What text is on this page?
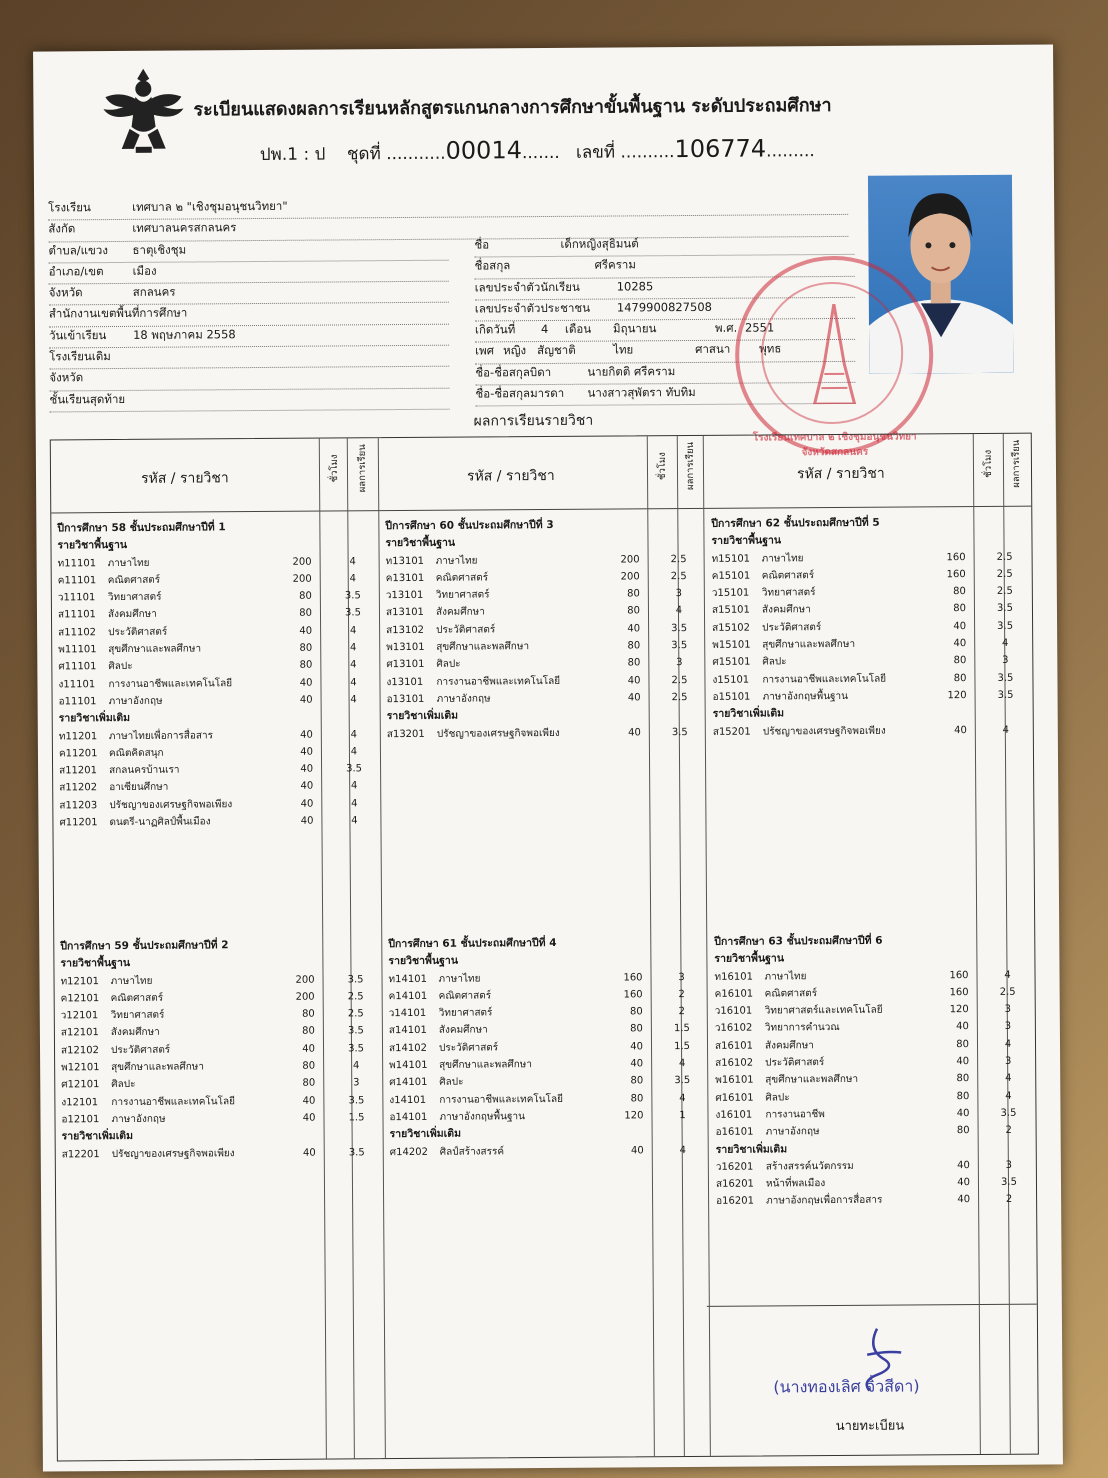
ระเบียนแสดงผลการเรียนหลักสูตรแกนกลางการศึกษาขั้นพื้นฐาน ระดับประถมศึกษา
ปพ.1 : ป ชุดที่ ...........00014.......   เลขที่ ..........106774.........
โรงเรียน	เทศบาล ๒ "เชิงชุมอนุชนวิทยา"
สังกัด	เทศบาลนครสกลนคร
ตำบล/แขวง ธาตุเชิงชุม
อำเภอ/เขต	เมือง
จังหวัด	สกลนคร
สำนักงานเขตพื้นที่การศึกษา
วันเข้าเรียน 18 พฤษภาคม 2558
โรงเรียนเดิม
จังหวัด
ชั้นเรียนสุดท้าย
ชื่อ	เด็กหญิงสุธิมนต์
ชื่อสกุล	ศรีคราม
เลขประจำตัวนักเรียน	10285
เลขประจำตัวประชาชน 1479900827508
เกิดวันที่ 4 เดือน มิถุนายน	พ.ศ. 2551
เพศ หญิง สัญชาติ	ไทย	ศาสนา	พุทธ
ชื่อ-ชื่อสกุลบิดา	นายกิตติ ศรีคราม
ชื่อ-ชื่อสกุลมารดา นางสาวสุพัตรา ทับทิม
โรงเรียนเทศบาล ๒ เชิงชุมอนุชนวิทยา จังหวัดสกลนคร
ผลการเรียนรายวิชา
รหัส / รายวิชา	ชั่วโมง ผลการเรียน	รหัส / รายวิชา	ชั่วโมง ผลการเรียน	รหัส / รายวิชา	ชั่วโมง ผลการเรียน
ปีการศึกษา 58 ชั้นประถมศึกษาปีที่ 1
รายวิชาพื้นฐาน
ท11101 ภาษาไทย	200	4
ค11101 คณิตศาสตร์	200	4
ว11101 วิทยาศาสตร์	80	3.5
ส11101 สังคมศึกษา	80	3.5
ส11102 ประวัติศาสตร์	40	4
พ11101 สุขศึกษาและพลศึกษา	80	4
ศ11101 ศิลปะ	80	4
ง11101 การงานอาชีพและเทคโนโลยี	40	4
อ11101 ภาษาอังกฤษ	40	4
รายวิชาเพิ่มเติม
ท11201 ภาษาไทยเพื่อการสื่อสาร	40	4
ค11201 คณิตคิดสนุก	40	4
ส11201 สกลนครบ้านเรา	40	3.5
ส11202 อาเซียนศึกษา	40	4
ส11203 ปรัชญาของเศรษฐกิจพอเพียง	40	4
ศ11201 ดนตรี-นาฏศิลป์พื้นเมือง	40	4
ปีการศึกษา 60 ชั้นประถมศึกษาปีที่ 3
รายวิชาพื้นฐาน
ท13101 ภาษาไทย	200	2.5
ค13101 คณิตศาสตร์	200	2.5
ว13101 วิทยาศาสตร์	80	3
ส13101 สังคมศึกษา	80	4
ส13102 ประวัติศาสตร์	40	3.5
พ13101 สุขศึกษาและพลศึกษา	80	3.5
ศ13101 ศิลปะ	80	3
ง13101 การงานอาชีพและเทคโนโลยี	40	2.5
อ13101 ภาษาอังกฤษ	40	2.5
รายวิชาเพิ่มเติม
ส13201 ปรัชญาของเศรษฐกิจพอเพียง	40	3.5
ปีการศึกษา 62 ชั้นประถมศึกษาปีที่ 5
รายวิชาพื้นฐาน
ท15101 ภาษาไทย	160	2.5
ค15101 คณิตศาสตร์	160	2.5
ว15101 วิทยาศาสตร์	80	2.5
ส15101 สังคมศึกษา	80	3.5
ส15102 ประวัติศาสตร์	40	3.5
พ15101 สุขศึกษาและพลศึกษา	40	4
ศ15101 ศิลปะ	80	3
ง15101 การงานอาชีพและเทคโนโลยี	80	3.5
อ15101 ภาษาอังกฤษพื้นฐาน	120	3.5
รายวิชาเพิ่มเติม
ส15201 ปรัชญาของเศรษฐกิจพอเพียง	40	4
ปีการศึกษา 59 ชั้นประถมศึกษาปีที่ 2
รายวิชาพื้นฐาน
ท12101 ภาษาไทย	200	3.5
ค12101 คณิตศาสตร์	200	2.5
ว12101 วิทยาศาสตร์	80	2.5
ส12101 สังคมศึกษา	80	3.5
ส12102 ประวัติศาสตร์	40	3.5
พ12101 สุขศึกษาและพลศึกษา	80	4
ศ12101 ศิลปะ	80	3
ง12101 การงานอาชีพและเทคโนโลยี	40	3.5
อ12101 ภาษาอังกฤษ	40	1.5
รายวิชาเพิ่มเติม
ส12201 ปรัชญาของเศรษฐกิจพอเพียง	40	3.5
ปีการศึกษา 61 ชั้นประถมศึกษาปีที่ 4
รายวิชาพื้นฐาน
ท14101 ภาษาไทย	160	3
ค14101 คณิตศาสตร์	160	2
ว14101 วิทยาศาสตร์	80	2
ส14101 สังคมศึกษา	80	1.5
ส14102 ประวัติศาสตร์	40	1.5
พ14101 สุขศึกษาและพลศึกษา	40	4
ศ14101 ศิลปะ	80	3.5
ง14101 การงานอาชีพและเทคโนโลยี	80	4
อ14101 ภาษาอังกฤษพื้นฐาน	120	1
รายวิชาเพิ่มเติม
ศ14202 ศิลป์สร้างสรรค์	40	4
ปีการศึกษา 63 ชั้นประถมศึกษาปีที่ 6
รายวิชาพื้นฐาน
ท16101 ภาษาไทย	160	4
ค16101 คณิตศาสตร์	160	2.5
ว16101 วิทยาศาสตร์และเทคโนโลยี	120	3
ว16102 วิทยาการคำนวณ	40	3
ส16101 สังคมศึกษา	80	4
ส16102 ประวัติศาสตร์	40	3
พ16101 สุขศึกษาและพลศึกษา	80	4
ศ16101 ศิลปะ	80	4
ง16101 การงานอาชีพ	40	3.5
อ16101 ภาษาอังกฤษ	80	2
รายวิชาเพิ่มเติม
ว16201 สร้างสรรค์นวัตกรรม	40	3
ส16201 หน้าที่พลเมือง	40	3.5
อ16201 ภาษาอังกฤษเพื่อการสื่อสาร	40	2
(นางทองเลิศ จิ้วสีดา)
นายทะเบียน
